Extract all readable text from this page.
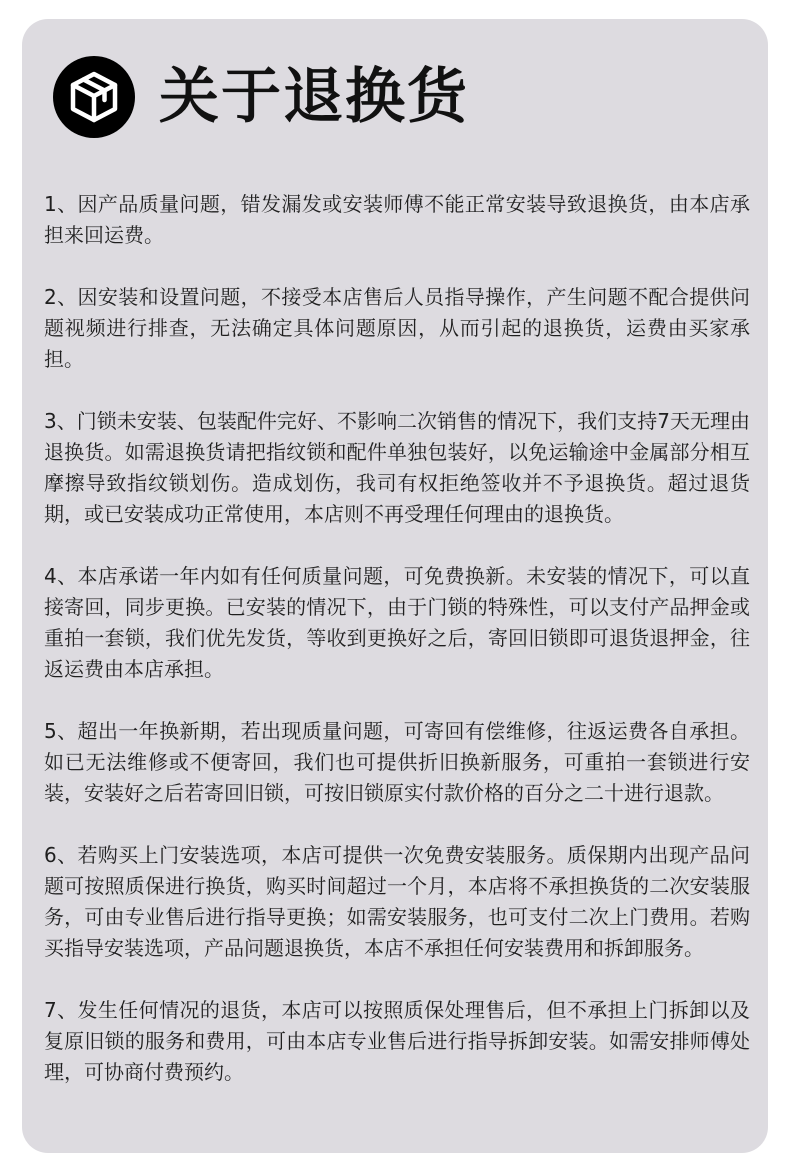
关于退换货

1、因产品质量问题，错发漏发或安装师傅不能正常安装导致退换货，由本店承担来回运费。

2、因安装和设置问题，不接受本店售后人员指导操作，产生问题不配合提供问题视频进行排查，无法确定具体问题原因，从而引起的退换货，运费由买家承担。

3、门锁未安装、包装配件完好、不影响二次销售的情况下，我们支持7天无理由退换货。如需退换货请把指纹锁和配件单独包装好，以免运输途中金属部分相互摩擦导致指纹锁划伤。造成划伤，我司有权拒绝签收并不予退换货。超过退货期，或已安装成功正常使用，本店则不再受理任何理由的退换货。

4、本店承诺一年内如有任何质量问题，可免费换新。未安装的情况下，可以直接寄回，同步更换。已安装的情况下，由于门锁的特殊性，可以支付产品押金或重拍一套锁，我们优先发货，等收到更换好之后，寄回旧锁即可退货退押金，往返运费由本店承担。

5、超出一年换新期，若出现质量问题，可寄回有偿维修，往返运费各自承担。如已无法维修或不便寄回，我们也可提供折旧换新服务，可重拍一套锁进行安装，安装好之后若寄回旧锁，可按旧锁原实付款价格的百分之二十进行退款。

6、若购买上门安装选项，本店可提供一次免费安装服务。质保期内出现产品问题可按照质保进行换货，购买时间超过一个月，本店将不承担换货的二次安装服务，可由专业售后进行指导更换；如需安装服务，也可支付二次上门费用。若购买指导安装选项，产品问题退换货，本店不承担任何安装费用和拆卸服务。

7、发生任何情况的退货，本店可以按照质保处理售后，但不承担上门拆卸以及复原旧锁的服务和费用，可由本店专业售后进行指导拆卸安装。如需安排师傅处理，可协商付费预约。
